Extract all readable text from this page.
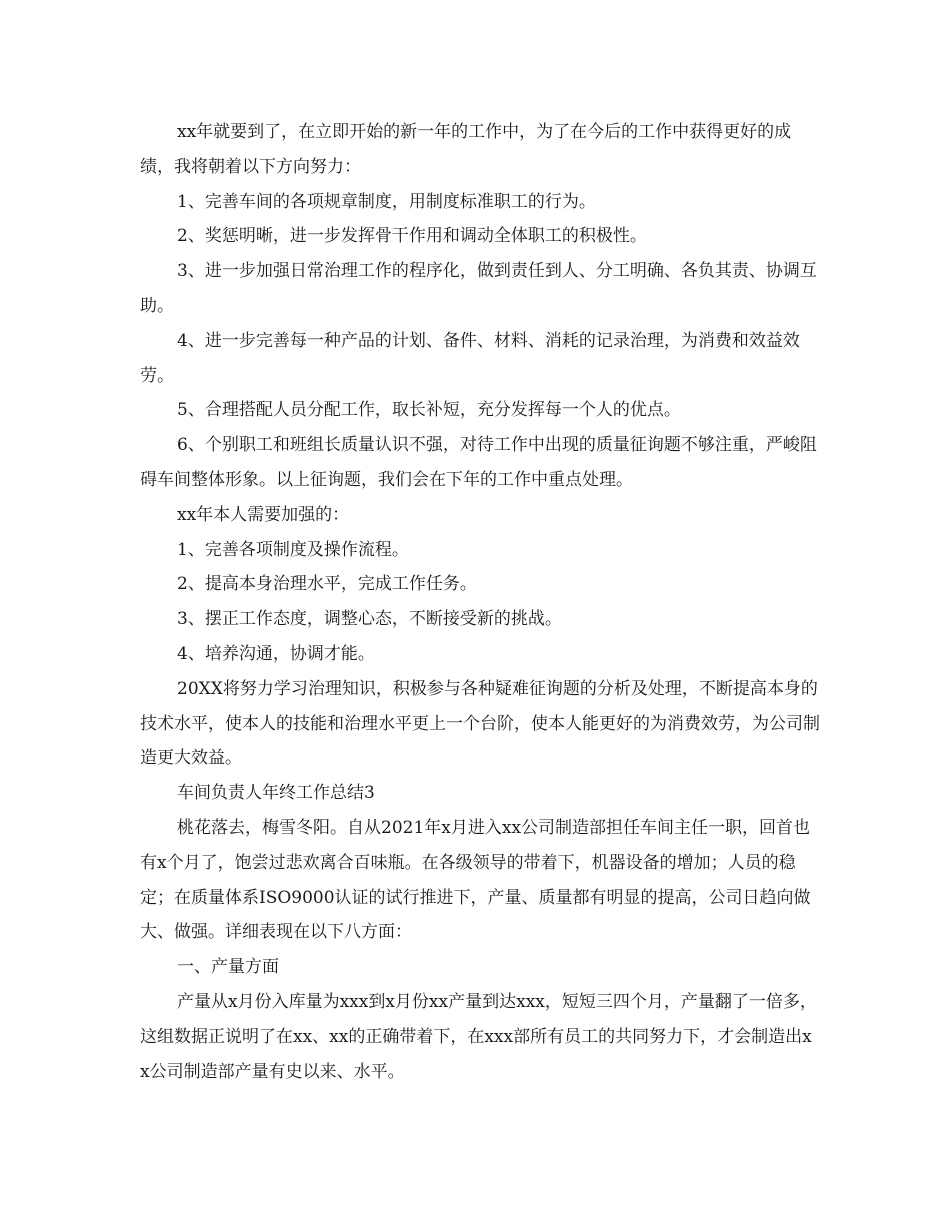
xx年就要到了，在立即开始的新一年的工作中，为了在今后的工作中获得更好的成绩，我将朝着以下方向努力：

1、完善车间的各项规章制度，用制度标准职工的行为。

2、奖惩明晰，进一步发挥骨干作用和调动全体职工的积极性。

3、进一步加强日常治理工作的程序化，做到责任到人、分工明确、各负其责、协调互助。

4、进一步完善每一种产品的计划、备件、材料、消耗的记录治理，为消费和效益效劳。

5、合理搭配人员分配工作，取长补短，充分发挥每一个人的优点。

6、个别职工和班组长质量认识不强，对待工作中出现的质量征询题不够注重，严峻阻碍车间整体形象。以上征询题，我们会在下年的工作中重点处理。

xx年本人需要加强的：

1、完善各项制度及操作流程。

2、提高本身治理水平，完成工作任务。

3、摆正工作态度，调整心态，不断接受新的挑战。

4、培养沟通，协调才能。

20XX将努力学习治理知识，积极参与各种疑难征询题的分析及处理，不断提高本身的技术水平，使本人的技能和治理水平更上一个台阶，使本人能更好的为消费效劳，为公司制造更大效益。

车间负责人年终工作总结3

桃花落去，梅雪冬阳。自从2021年x月进入xx公司制造部担任车间主任一职，回首也有x个月了，饱尝过悲欢离合百味瓶。在各级领导的带着下，机器设备的增加；人员的稳定；在质量体系ISO9000认证的试行推进下，产量、质量都有明显的提高，公司日趋向做大、做强。详细表现在以下八方面：

一、产量方面

产量从x月份入库量为xxx到x月份xx产量到达xxx，短短三四个月，产量翻了一倍多，这组数据正说明了在xx、xx的正确带着下，在xxx部所有员工的共同努力下，才会制造出xx公司制造部产量有史以来、水平。
